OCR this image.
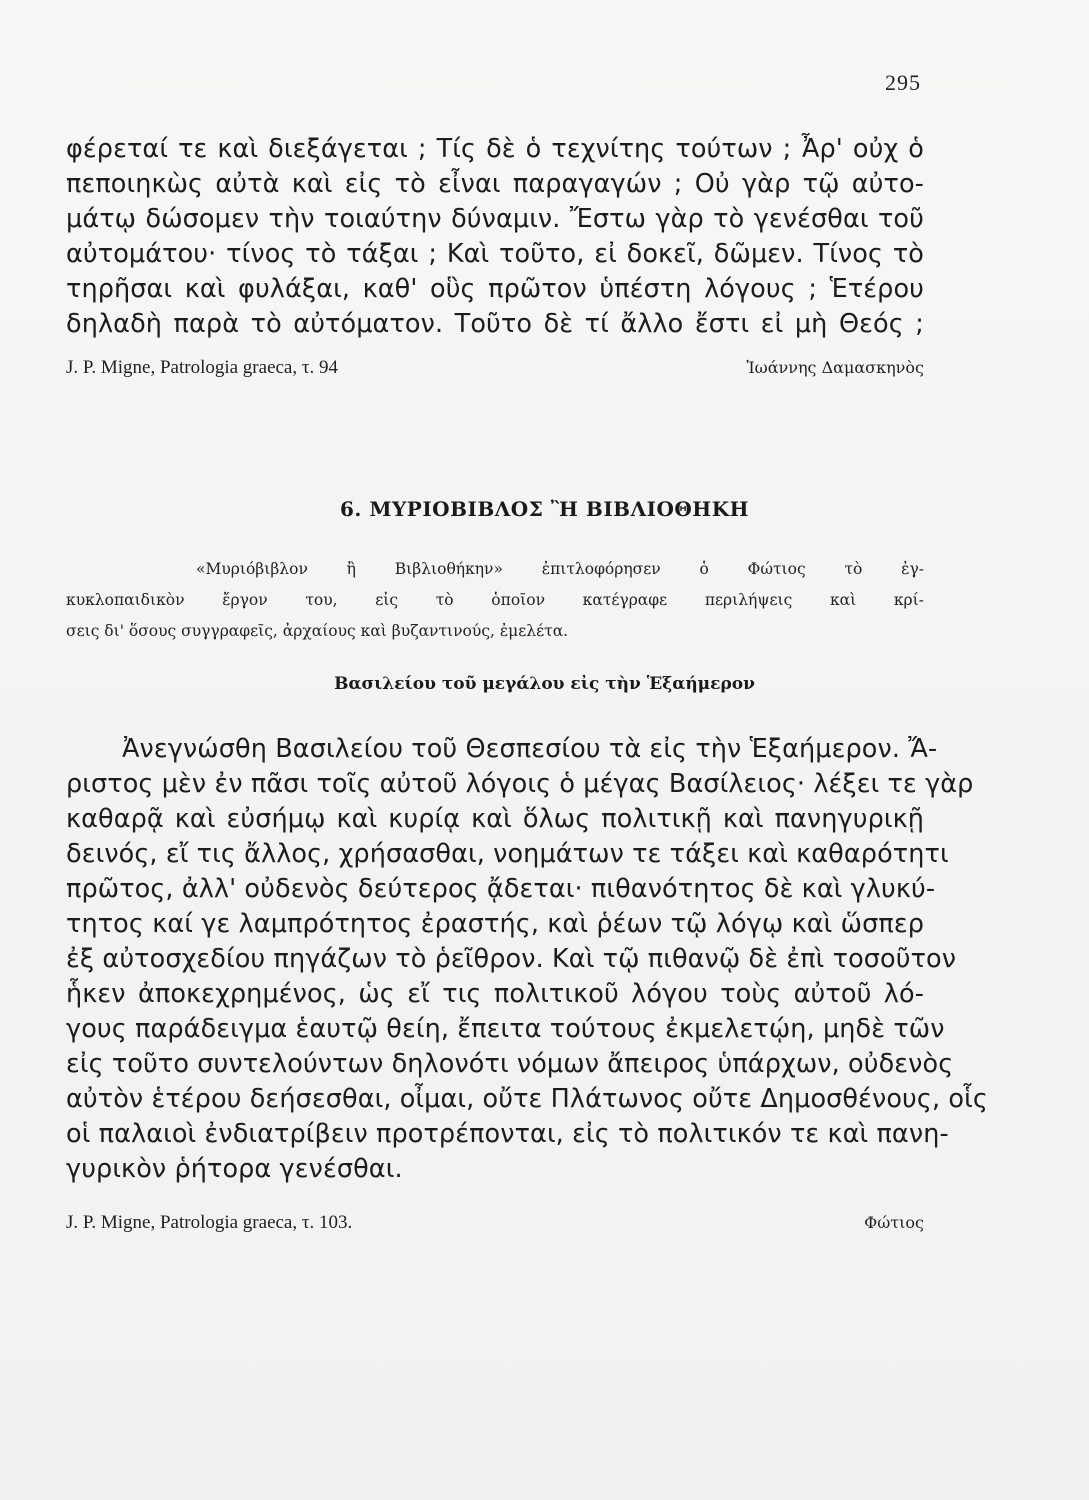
295
φέρεταί τε καὶ διεξάγεται ; Τίς δὲ ὁ τεχνίτης τούτων ; Ἆρ' οὐχ ὁ
πεποιηκὼς αὐτὰ καὶ εἰς τὸ εἶναι παραγαγών ; Οὐ γὰρ τῷ αὐτο-
μάτῳ δώσομεν τὴν τοιαύτην δύναμιν. Ἔστω γὰρ τὸ γενέσθαι τοῦ
αὐτομάτου· τίνος τὸ τάξαι ; Καὶ τοῦτο, εἰ δοκεῖ, δῶμεν. Τίνος τὸ
τηρῆσαι καὶ φυλάξαι, καθ' οὓς πρῶτον ὑπέστη λόγους ; Ἑτέρου
δηλαδὴ παρὰ τὸ αὐτόματον. Τοῦτο δὲ τί ἄλλο ἔστι εἰ μὴ Θεός ;
J. P. Migne, Patrologia graeca, τ. 94	Ἰωάννης Δαμασκηνὸς
6. ΜΥΡΙΟΒΙΒΛΟΣ Ἢ ΒΙΒΛΙΟΘΗΚΗ
«Μυριόβιβλον ἢ Βιβλιοθήκην» ἐπιτλοφόρησεν ὁ Φώτιος τὸ ἐγ-
κυκλοπαιδικὸν ἔργον του, εἰς τὸ ὁποῖον κατέγραφε περιλήψεις καὶ κρί-
σεις δι' ὅσους συγγραφεῖς, ἀρχαίους καὶ βυζαντινούς, ἐμελέτα.
Βασιλείου τοῦ μεγάλου εἰς τὴν Ἑξαήμερον
Ἀνεγνώσθη Βασιλείου τοῦ Θεσπεσίου τὰ εἰς τὴν Ἑξαήμερον. Ἄ-
ριστος μὲν ἐν πᾶσι τοῖς αὐτοῦ λόγοις ὁ μέγας Βασίλειος· λέξει τε γὰρ
καθαρᾷ καὶ εὐσήμῳ καὶ κυρίᾳ καὶ ὅλως πολιτικῇ καὶ πανηγυρικῇ
δεινός, εἴ τις ἄλλος, χρήσασθαι, νοημάτων τε τάξει καὶ καθαρότητι
πρῶτος, ἀλλ' οὐδενὸς δεύτερος ᾄδεται· πιθανότητος δὲ καὶ γλυκύ-
τητος καί γε λαμπρότητος ἐραστής, καὶ ῥέων τῷ λόγῳ καὶ ὥσπερ
ἐξ αὐτοσχεδίου πηγάζων τὸ ῥεῖθρον. Καὶ τῷ πιθανῷ δὲ ἐπὶ τοσοῦτον
ἧκεν ἀποκεχρημένος, ὡς εἴ τις πολιτικοῦ λόγου τοὺς αὐτοῦ λό-
γους παράδειγμα ἑαυτῷ θείη, ἔπειτα τούτους ἐκμελετῴη, μηδὲ τῶν
εἰς τοῦτο συντελούντων δηλονότι νόμων ἄπειρος ὑπάρχων, οὐδενὸς
αὐτὸν ἑτέρου δεήσεσθαι, οἶμαι, οὔτε Πλάτωνος οὔτε Δημοσθένους, οἷς
οἱ παλαιοὶ ἐνδιατρίβειν προτρέπονται, εἰς τὸ πολιτικόν τε καὶ πανη-
γυρικὸν ῥήτορα γενέσθαι.
J. P. Migne, Patrologia graeca, τ. 103.	Φώτιος
